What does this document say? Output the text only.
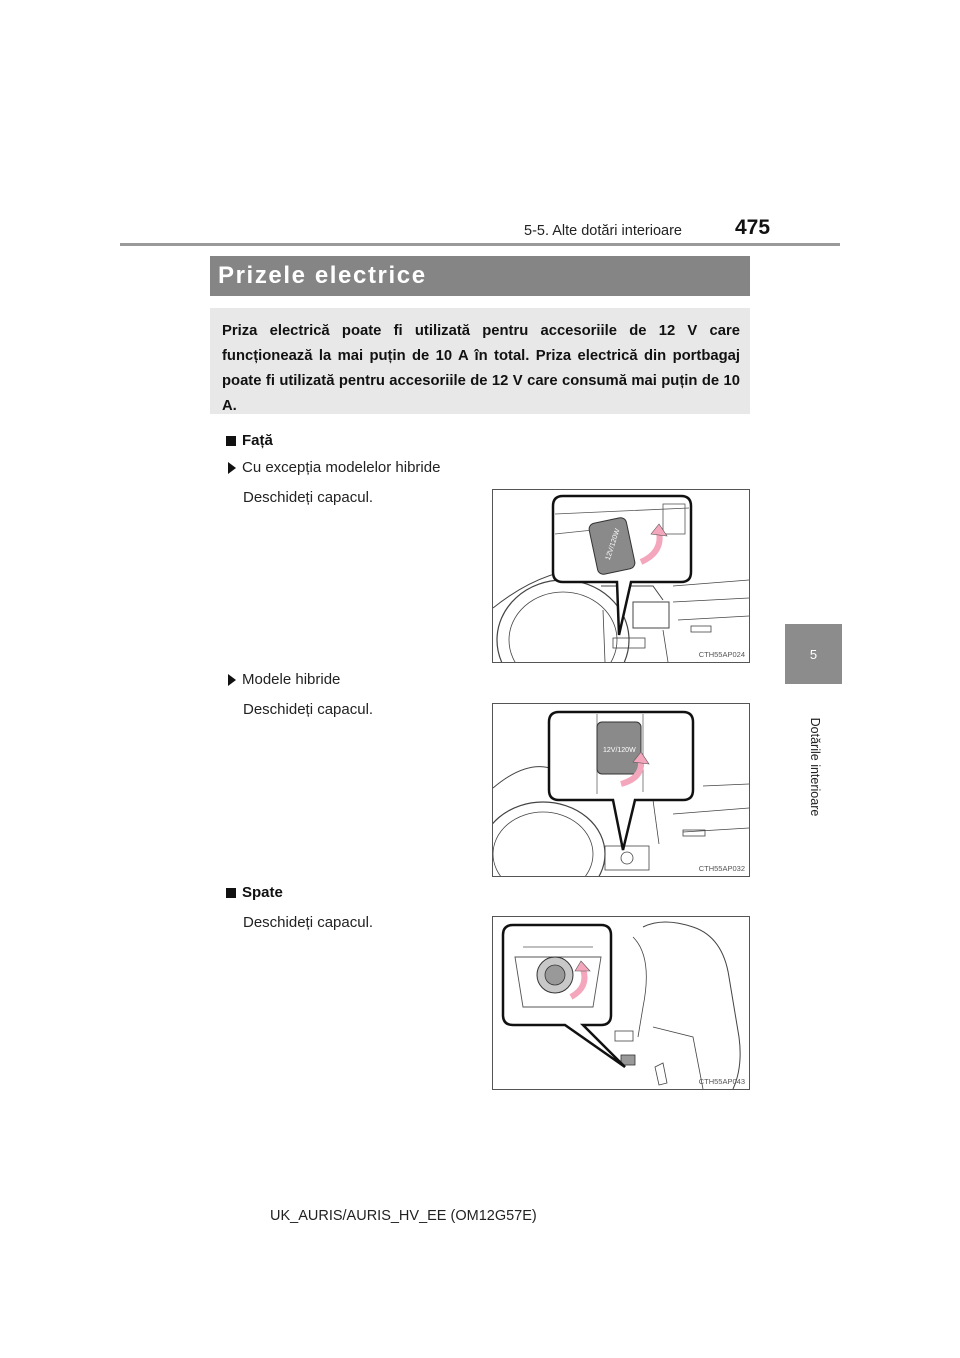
5-5. Alte dotări interioare	475
5
Dotările interioare
Prizele electrice
Priza electrică poate fi utilizată pentru accesoriile de 12 V care funcționează la mai puțin de 10 A în total. Priza electrică din portbagaj poate fi utilizată pentru accesoriile de 12 V care consumă mai puțin de 10 A.
Față
Cu excepția modelelor hibride
Deschideți capacul.
12V/120W
CTH55AP024
Modele hibride
Deschideți capacul.
12V/120W
CTH55AP032
Spate
Deschideți capacul.
CTH55AP043
UK_AURIS/AURIS_HV_EE (OM12G57E)
